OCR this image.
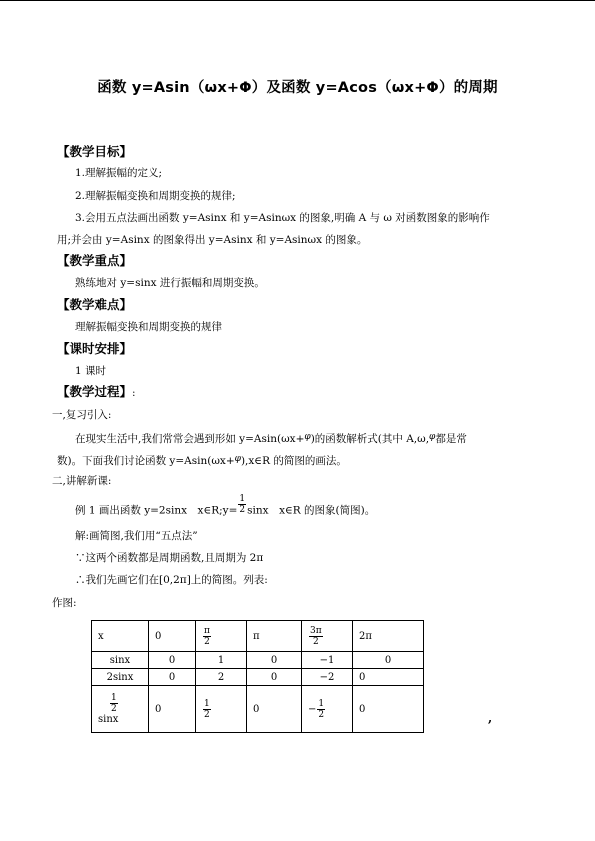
函数 y=Asin（ωx+Φ）及函数 y=Acos（ωx+Φ）的周期
【教学目标】
1.理解振幅的定义;
2.理解振幅变换和周期变换的规律;
3.会用五点法画出函数 y=Asinx 和 y=Asinωx 的图象,明确 A 与 ω 对函数图象的影响作
用;并会由 y=Asinx 的图象得出 y=Asinx 和 y=Asinωx 的图象。
【教学重点】
熟练地对 y=sinx 进行振幅和周期变换。
【教学难点】
理解振幅变换和周期变换的规律
【课时安排】
1 课时
【教学过程】:
一,复习引入:
在现实生活中,我们常常会遇到形如 y=Asin(ωx+φ)的函数解析式(其中 A,ω,φ都是常
数)。下面我们讨论函数 y=Asin(ωx+φ),x∈R 的简图的画法。
二,讲解新课:
例 1 画出函数 y=2sinx　x∈R;y= $\frac{1}{2}$ sinx　x∈R 的图象(简图)。
解:画简图,我们用“五点法”
∵这两个函数都是周期函数,且周期为 2π
∴我们先画它们在[0,2π]上的简图。列表:
作图:
x	0	$\frac{\pi}{2}$	π	$\frac{3\pi}{2}$	2π
sinx	0	1	0	−1	0
2sinx	0	2	0	−2	0

$\frac{1}{2}$

sinx	0	$\frac{1}{2}$	0	− $\frac{1}{2}$	0
,
